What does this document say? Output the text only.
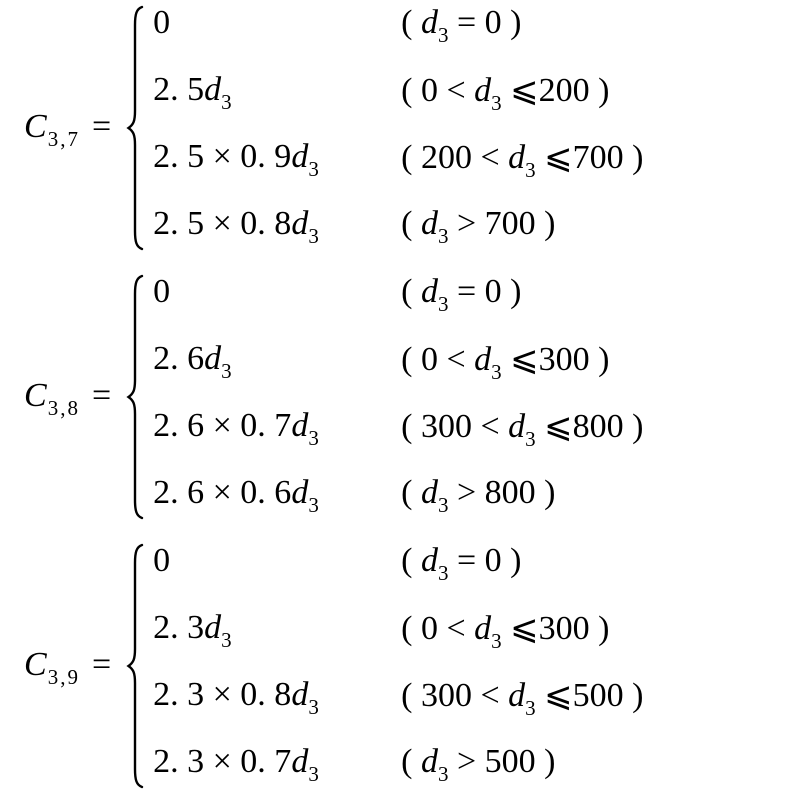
$C_{3,7}$ =
0	( $d_3 = 0$ )
2. $5d_3$	( $0 < d_3$ ⩽200 )
2. 5 × 0. $9d_3$	( $200 < d_3$ ⩽700 )
2. 5 × 0. $8d_3$	( $d_3 > 700$ )
$C_{3,8}$ =
0	( $d_3 = 0$ )
2. $6d_3$	( $0 < d_3$ ⩽300 )
2. 6 × 0. $7d_3$	( $300 < d_3$ ⩽800 )
2. 6 × 0. $6d_3$	( $d_3 > 800$ )
$C_{3,9}$ =
0	( $d_3 = 0$ )
2. $3d_3$	( $0 < d_3$ ⩽300 )
2. 3 × 0. $8d_3$	( $300 < d_3$ ⩽500 )
2. 3 × 0. $7d_3$	( $d_3 > 500$ )
